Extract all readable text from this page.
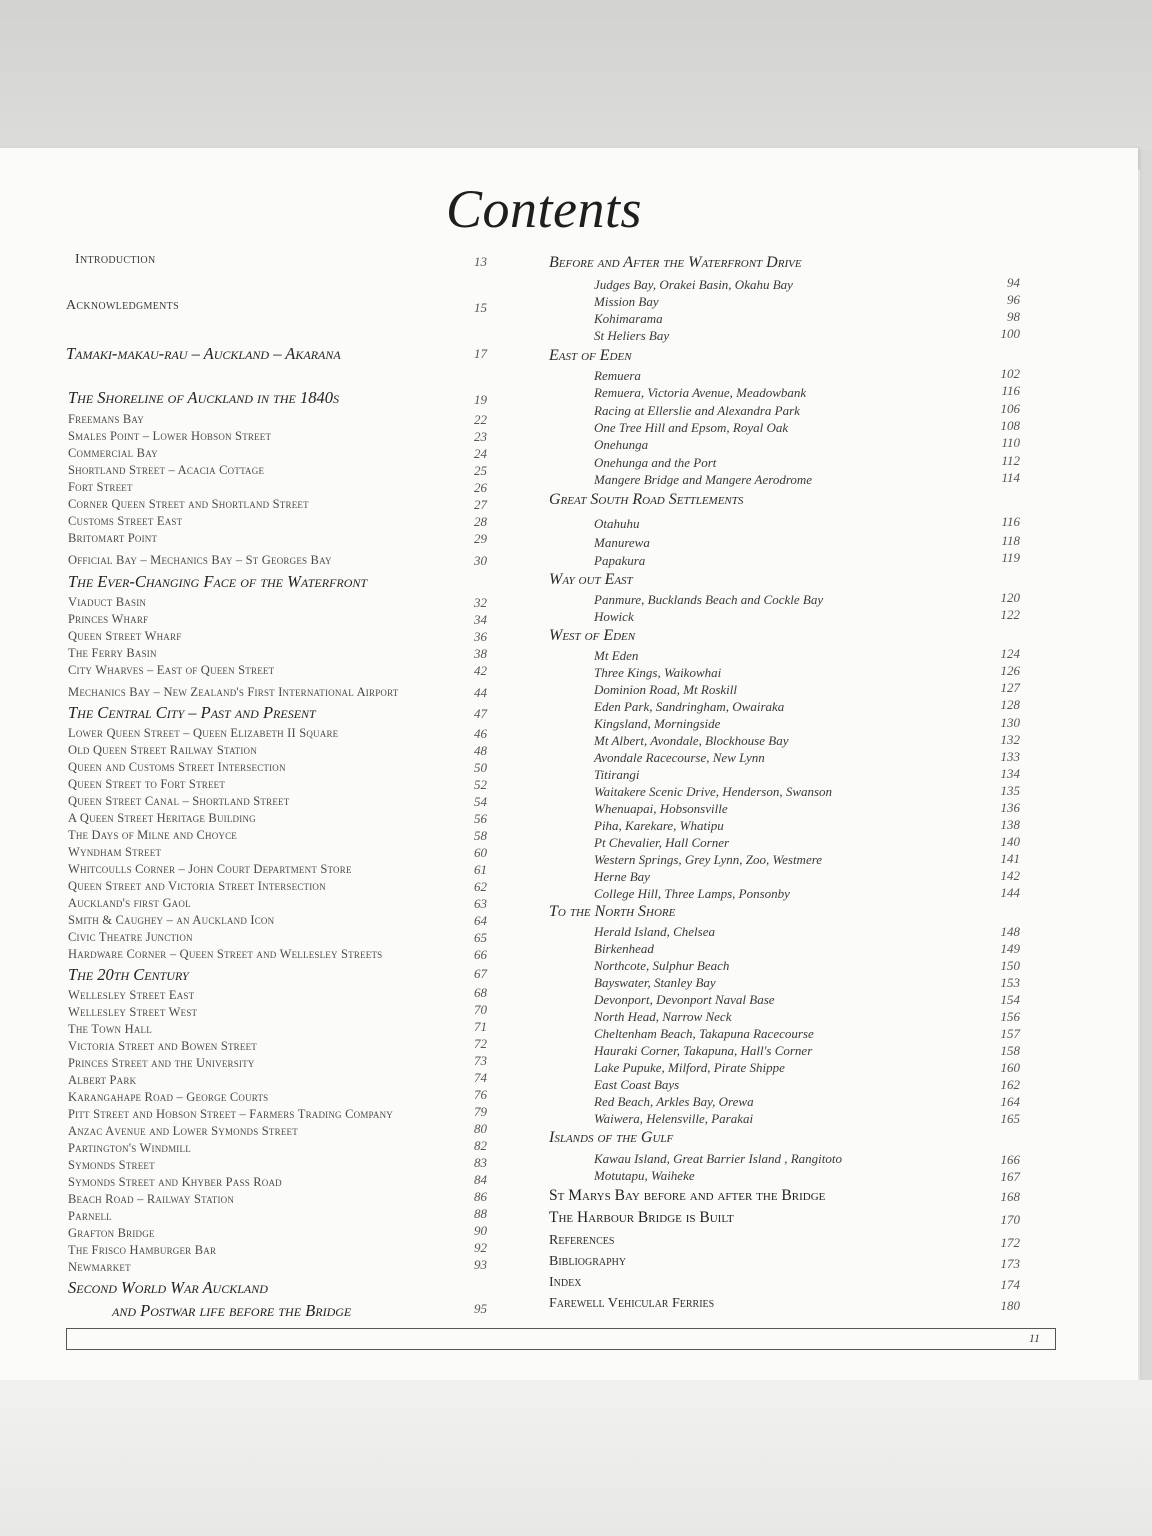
Contents
Introduction	13
Acknowledgments	15
Tamaki-makau-rau – Auckland – Akarana	17
The Shoreline of Auckland in the 1840s	19
Freemans Bay	22
Smales Point – Lower Hobson Street	23
Commercial Bay	24
Shortland Street – Acacia Cottage	25
Fort Street	26
Corner Queen Street and Shortland Street	27
Customs Street East	28
Britomart Point	29
Official Bay – Mechanics Bay – St Georges Bay	30
The Ever-Changing Face of the Waterfront
Viaduct Basin	32
Princes Wharf	34
Queen Street Wharf	36
The Ferry Basin	38
City Wharves – East of Queen Street	42
Mechanics Bay – New Zealand's First International Airport	44
The Central City – Past and Present	47
Lower Queen Street – Queen Elizabeth II Square	46
Old Queen Street Railway Station	48
Queen and Customs Street Intersection	50
Queen Street to Fort Street	52
Queen Street Canal – Shortland Street	54
A Queen Street Heritage Building	56
The Days of Milne and Choyce	58
Wyndham Street	60
Whitcoulls Corner – John Court Department Store	61
Queen Street and Victoria Street Intersection	62
Auckland's first Gaol	63
Smith & Caughey – an Auckland Icon	64
Civic Theatre Junction	65
Hardware Corner – Queen Street and Wellesley Streets	66
The 20th Century	67
Wellesley Street East	68
Wellesley Street West	70
The Town Hall	71
Victoria Street and Bowen Street	72
Princes Street and the University	73
Albert Park	74
Karangahape Road – George Courts	76
Pitt Street and Hobson Street – Farmers Trading Company	79
Anzac Avenue and Lower Symonds Street	80
Partington's Windmill	82
Symonds Street	83
Symonds Street and Khyber Pass Road	84
Beach Road – Railway Station	86
Parnell	88
Grafton Bridge	90
The Frisco Hamburger Bar	92
Newmarket	93
Second World War Auckland
and Postwar life before the Bridge	95
Before and After the Waterfront Drive
Judges Bay, Orakei Basin, Okahu Bay	94
Mission Bay	96
Kohimarama	98
St Heliers Bay	100
East of Eden
Remuera	102
Remuera, Victoria Avenue, Meadowbank	116
Racing at Ellerslie and Alexandra Park	106
One Tree Hill and Epsom, Royal Oak	108
Onehunga	110
Onehunga and the Port	112
Mangere Bridge and Mangere Aerodrome	114
Great South Road Settlements
Otahuhu	116
Manurewa	118
Papakura	119
Way out East
Panmure, Bucklands Beach and Cockle Bay	120
Howick	122
West of Eden
Mt Eden	124
Three Kings, Waikowhai	126
Dominion Road, Mt Roskill	127
Eden Park, Sandringham, Owairaka	128
Kingsland, Morningside	130
Mt Albert, Avondale, Blockhouse Bay	132
Avondale Racecourse, New Lynn	133
Titirangi	134
Waitakere Scenic Drive, Henderson, Swanson	135
Whenuapai, Hobsonsville	136
Piha, Karekare, Whatipu	138
Pt Chevalier, Hall Corner	140
Western Springs, Grey Lynn, Zoo, Westmere	141
Herne Bay	142
College Hill, Three Lamps, Ponsonby	144
To the North Shore
Herald Island, Chelsea	148
Birkenhead	149
Northcote, Sulphur Beach	150
Bayswater, Stanley Bay	153
Devonport, Devonport Naval Base	154
North Head, Narrow Neck	156
Cheltenham Beach, Takapuna Racecourse	157
Hauraki Corner, Takapuna, Hall's Corner	158
Lake Pupuke, Milford, Pirate Shippe	160
East Coast Bays	162
Red Beach, Arkles Bay, Orewa	164
Waiwera, Helensville, Parakai	165
Islands of the Gulf
Kawau Island, Great Barrier Island , Rangitoto	166
Motutapu, Waiheke	167
St Marys Bay before and after the Bridge	168
The Harbour Bridge is Built	170
References	172
Bibliography	173
Index	174
Farewell Vehicular Ferries	180
11
